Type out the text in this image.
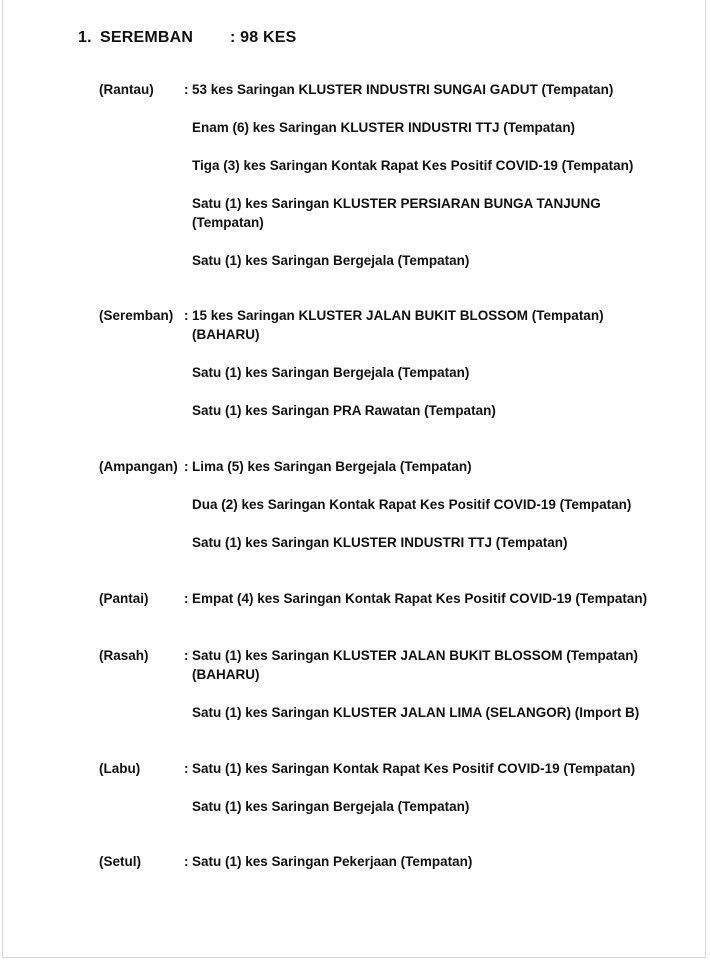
1. SEREMBAN : 98 KES
(Rantau) : 53 kes Saringan KLUSTER INDUSTRI SUNGAI GADUT (Tempatan)
Enam (6) kes Saringan KLUSTER INDUSTRI TTJ (Tempatan)
Tiga (3) kes Saringan Kontak Rapat Kes Positif COVID-19 (Tempatan)
Satu (1) kes Saringan KLUSTER PERSIARAN BUNGA TANJUNG
(Tempatan)
Satu (1) kes Saringan Bergejala (Tempatan)
(Seremban) : 15 kes Saringan KLUSTER JALAN BUKIT BLOSSOM (Tempatan)
(BAHARU)
Satu (1) kes Saringan Bergejala (Tempatan)
Satu (1) kes Saringan PRA Rawatan (Tempatan)
(Ampangan) : Lima (5) kes Saringan Bergejala (Tempatan)
Dua (2) kes Saringan Kontak Rapat Kes Positif COVID-19 (Tempatan)
Satu (1) kes Saringan KLUSTER INDUSTRI TTJ (Tempatan)
(Pantai)	: Empat (4) kes Saringan Kontak Rapat Kes Positif COVID-19 (Tempatan)
(Rasah)	: Satu (1) kes Saringan KLUSTER JALAN BUKIT BLOSSOM (Tempatan)
(BAHARU)
Satu (1) kes Saringan KLUSTER JALAN LIMA (SELANGOR) (Import B)
(Labu)	: Satu (1) kes Saringan Kontak Rapat Kes Positif COVID-19 (Tempatan)
Satu (1) kes Saringan Bergejala (Tempatan)
(Setul)	: Satu (1) kes Saringan Pekerjaan (Tempatan)
